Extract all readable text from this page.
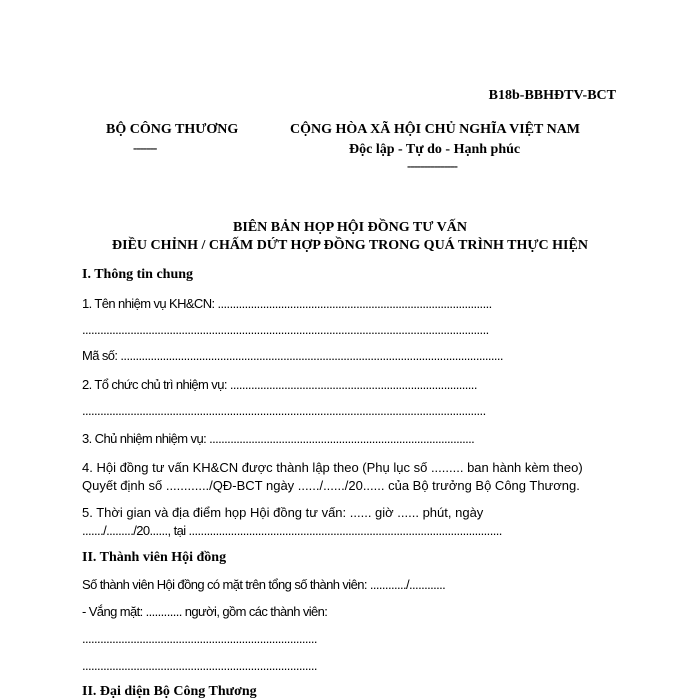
B18b-BBHĐTV-BCT
BỘ CÔNG THƯƠNG
-------
CỘNG HÒA XÃ HỘI CHỦ NGHĨA VIỆT NAM
Độc lập - Tự do - Hạnh phúc
---------------
BIÊN BẢN HỌP HỘI ĐỒNG TƯ VẤN
ĐIỀU CHỈNH / CHẤM DỨT HỢP ĐỒNG TRONG QUÁ TRÌNH THỰC HIỆN
I. Thông tin chung
1. Tên nhiệm vụ KH&CN: ...........................................................................................
.......................................................................................................................................
Mã số: ...............................................................................................................................
2. Tổ chức chủ trì nhiệm vụ: ..................................................................................
......................................................................................................................................
3. Chủ nhiệm nhiệm vụ: ........................................................................................
4. Hội đồng tư vấn KH&CN được thành lập theo (Phụ lục số ......... ban hành kèm theo)
Quyết định số ............/QĐ-BCT ngày ....../....../20...... của Bộ trưởng Bộ Công Thương.
5. Thời gian và địa điểm họp Hội đồng tư vấn: ...... giờ ...... phút, ngày
......./........./20......, tại ........................................................................................................
II. Thành viên Hội đồng
Số thành viên Hội đồng có mặt trên tổng số thành viên: ............/............
- Vắng mặt: ............ người, gồm các thành viên:
..............................................................................
..............................................................................
II. Đại diện Bộ Công Thương
